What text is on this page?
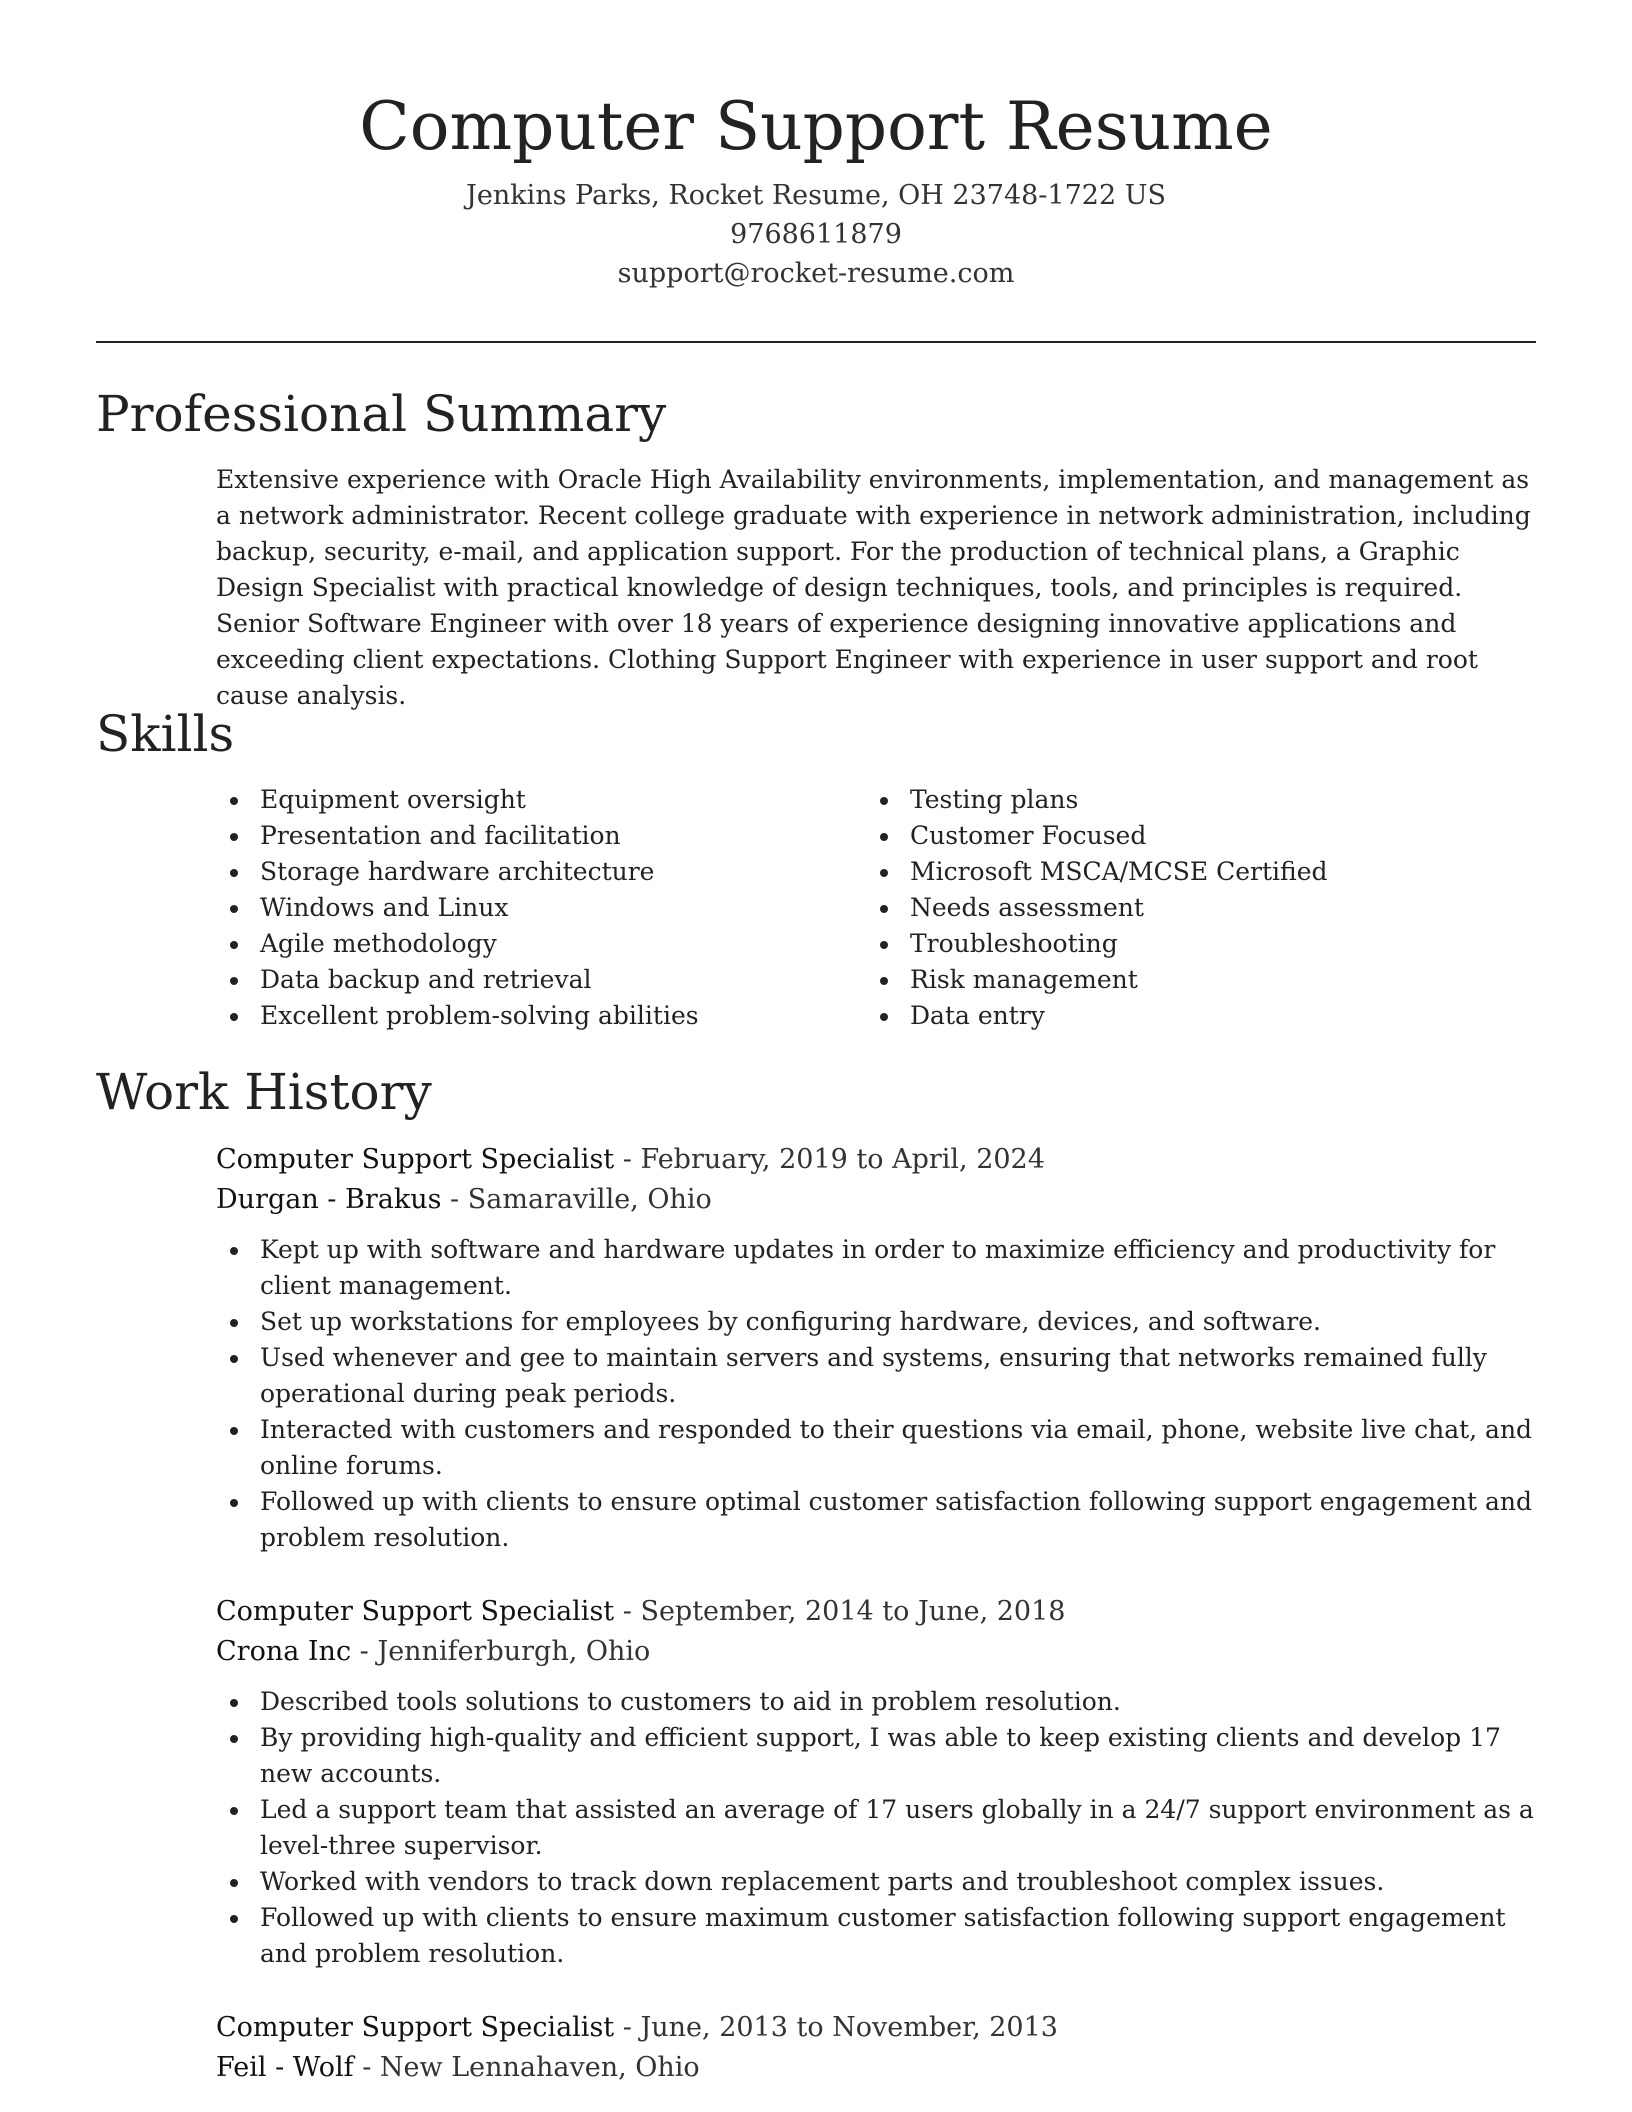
Computer Support Resume
Jenkins Parks, Rocket Resume, OH 23748-1722 US
9768611879
support@rocket-resume.com
Professional Summary

Extensive experience with Oracle High Availability environments, implementation, and management as a network administrator. Recent college graduate with experience in network administration, including backup, security, e-mail, and application support. For the production of technical plans, a Graphic Design Specialist with practical knowledge of design techniques, tools, and principles is required. Senior Software Engineer with over 18 years of experience designing innovative applications and exceeding client expectations. Clothing Support Engineer with experience in user support and root cause analysis.

Skills
Equipment oversight
Presentation and facilitation
Storage hardware architecture
Windows and Linux
Agile methodology
Data backup and retrieval
Excellent problem-solving abilities
Testing plans
Customer Focused
Microsoft MSCA/MCSE Certified
Needs assessment
Troubleshooting
Risk management
Data entry
Work History
Computer Support Specialist - February, 2019 to April, 2024
Durgan - Brakus - Samaraville, Ohio
Kept up with software and hardware updates in order to maximize efficiency and productivity for client management.
Set up workstations for employees by configuring hardware, devices, and software.
Used whenever and gee to maintain servers and systems, ensuring that networks remained fully operational during peak periods.
Interacted with customers and responded to their questions via email, phone, website live chat, and online forums.
Followed up with clients to ensure optimal customer satisfaction following support engagement and problem resolution.
Computer Support Specialist - September, 2014 to June, 2018
Crona Inc - Jenniferburgh, Ohio
Described tools solutions to customers to aid in problem resolution.
By providing high-quality and efficient support, I was able to keep existing clients and develop 17 new accounts.
Led a support team that assisted an average of 17 users globally in a 24/7 support environment as a level-three supervisor.
Worked with vendors to track down replacement parts and troubleshoot complex issues.
Followed up with clients to ensure maximum customer satisfaction following support engagement and problem resolution.
Computer Support Specialist - June, 2013 to November, 2013
Feil - Wolf - New Lennahaven, Ohio
